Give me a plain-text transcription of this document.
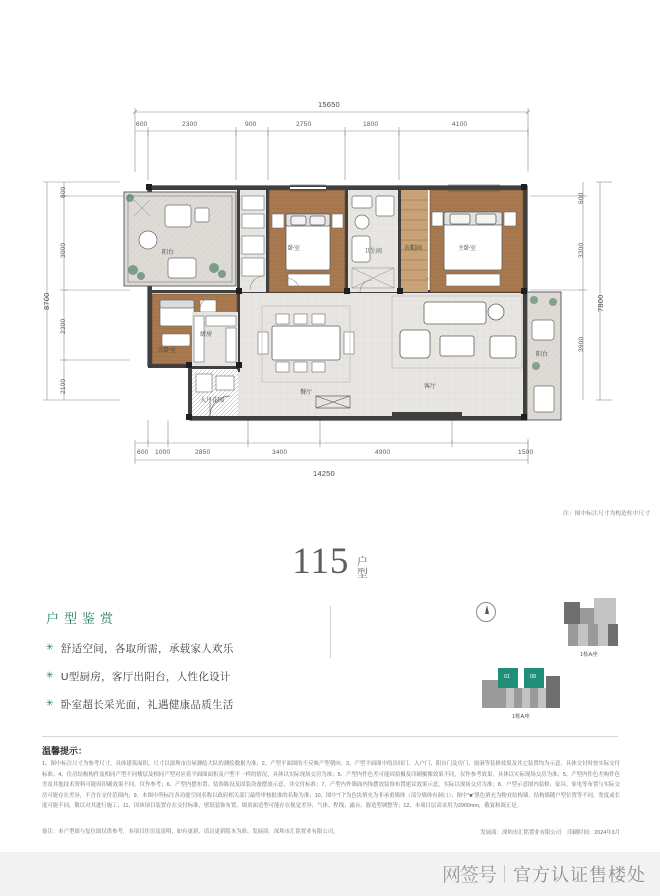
15650
600	2300	900	2750	1800	4100
8700
600
3000
2300
2100
600
3300
3900
7800
600 1000	2850	3400	4900	1500
14250
注：图中标注尺寸为构造柱中尺寸
阳台
卧室	卫生间	主卧室
衣帽间
餐厅
客厅
阳台
厨房
入户花园
次卧室
115 户
型
户型鉴赏
✳ 舒适空间，各取所需，承载家人欢乐
✳ U型厨房，客厅出阳台，人性化设计
✳ 卧室超长采光面，礼遇健康品质生活
1栋A座
01	08
1栋A座
温馨提示：
1、图中标注尺寸为参考尺寸，具体建筑面积、尺寸以深圳市房屋测绘大队的测绘数据为准；2、产型平面图的不反映产型朝向；3、产型平面图中的房间门、入户门、阳台门及房门、窗洞等装修效果及其它装置均为示意，具体交付时按实际交付标准；4、住房结构构件及相同产型不同楼层及相同产型对应着平面图面积及户型不一样的情况，具体以实际现场交房为准；5、产型内件色差可能因拍摄及印刷摄像效果不同，仅作参考效果，具体以实际现场交房为准；5、产型内件色差构件色差及其他技术资料可能因印刷效果不同，仅作参考；6、产型内摆布置、装饰陈设及固装设备摆放示意，非交付标准；7、产型内外墙面内饰摆放装饰布置建议效果示意，实际以现场交房为准；8、户型示意图内装修、家具、家电等布置与实际交房可能存在差异，不含在交付范围内；9、本图中所标注各功能空间名称以政府相关部门最终审核批准的名称为准；10、图中"门"为色块填充为非承重墙体（部分墙体有洞口）；图中"■"黑色填充为物业结构墙，结构墙随户型位置等不同，宽度或长度可能不同，敬以对其进行施工；11、因该项目装置存在交付标准，壁纸装饰布置、墙顶面造型可能存在视觉差异、气体、程线、露台、器造型调整等；12、本项目层高采用为2900mm，敬宴和调正是。
备注：本产型图与复位图仅供参考，本项目住房及说明、如有更新、请以更新版本为准。发展商：深圳市汇铭置业有限公司。	发展商：深圳市汇铭置业有限公司 印刷时间：2024年3月
网签号 官方认证售楼处
